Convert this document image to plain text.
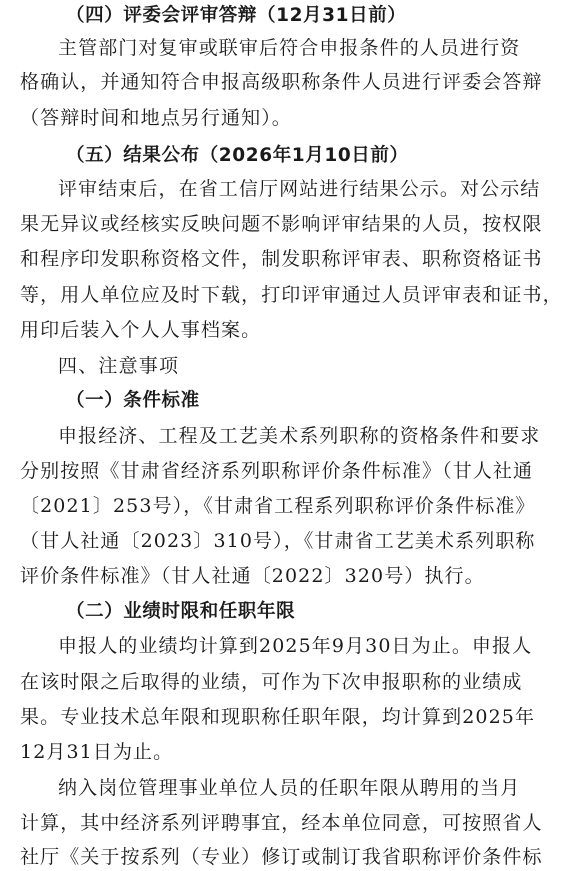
（四）评委会评审答辩（12月31日前）
主管部门对复审或联审后符合申报条件的人员进行资
格确认，并通知符合申报高级职称条件人员进行评委会答辩
（答辩时间和地点另行通知）。
（五）结果公布（2026年1月10日前）
评审结束后，在省工信厅网站进行结果公示。对公示结
果无异议或经核实反映问题不影响评审结果的人员，按权限
和程序印发职称资格文件，制发职称评审表、职称资格证书
等，用人单位应及时下载，打印评审通过人员评审表和证书，
用印后装入个人人事档案。
四、注意事项
（一）条件标准
申报经济、工程及工艺美术系列职称的资格条件和要求
分别按照《甘肃省经济系列职称评价条件标准》（甘人社通
〔2021〕253号），《甘肃省工程系列职称评价条件标准》
（甘人社通〔2023〕310号），《甘肃省工艺美术系列职称
评价条件标准》（甘人社通〔2022〕320号）执行。
（二）业绩时限和任职年限
申报人的业绩均计算到2025年9月30日为止。申报人
在该时限之后取得的业绩，可作为下次申报职称的业绩成
果。专业技术总年限和现职称任职年限，均计算到2025年
12月31日为止。
纳入岗位管理事业单位人员的任职年限从聘用的当月
计算，其中经济系列评聘事宜，经本单位同意，可按照省人
社厅《关于按系列（专业）修订或制订我省职称评价条件标
